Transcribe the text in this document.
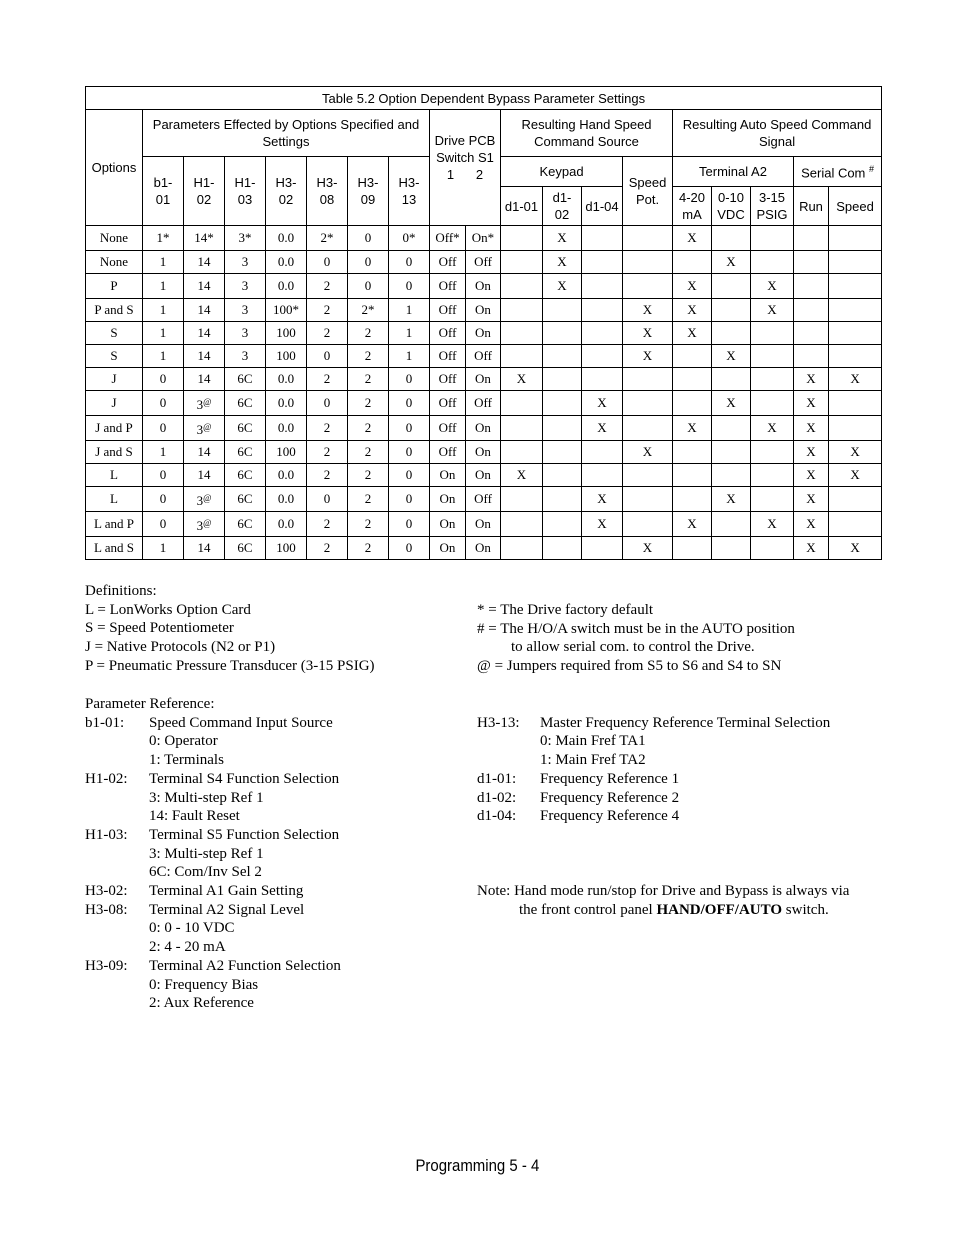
Table 5.2 Option Dependent Bypass Parameter Settings																		
Options	Parameters Effected by Options Specified and Settings							Drive PCB Switch S1
1 2		Resulting Hand Speed Command Source				Resulting Auto Speed Command Signal				
	b1-01	H1-02	H1-03	H3-02	H3-08	H3-09	H3-13			Keypad			Speed Pot.	Terminal A2			Serial Com #
										d1-01	d1-02	d1-04		4-20 mA	0-10 VDC	3-15 PSIG	Run	Speed
None	1*	14*	3*	0.0	2*	0	0*	Off*	On*		X			X				
None	1	14	3	0.0	0	0	0	Off	Off		X				X			
P	1	14	3	0.0	2	0	0	Off	On		X			X		X		
P and S	1	14	3	100*	2	2*	1	Off	On				X	X		X		
S	1	14	3	100	2	2	1	Off	On				X	X				
S	1	14	3	100	0	2	1	Off	Off				X		X			
J	0	14	6C	0.0	2	2	0	Off	On	X							X	X
J	0	3@	6C	0.0	0	2	0	Off	Off			X			X		X	
J and P	0	3@	6C	0.0	2	2	0	Off	On			X		X		X	X	
J and S	1	14	6C	100	2	2	0	Off	On				X				X	X
L	0	14	6C	0.0	2	2	0	On	On	X							X	X
L	0	3@	6C	0.0	0	2	0	On	Off			X			X		X	
L and P	0	3@	6C	0.0	2	2	0	On	On			X		X		X	X	
L and S	1	14	6C	100	2	2	0	On	On				X				X	X
Definitions:
L = LonWorks Option Card
S = Speed Potentiometer
J = Native Protocols (N2 or P1)
P = Pneumatic Pressure Transducer (3-15 PSIG)
* = The Drive factory default
# = The H/O/A switch must be in the AUTO position
to allow serial com. to control the Drive.
@ = Jumpers required from S5 to S6 and S4 to SN
Parameter Reference:
b1-01:	Speed Command Input Source
0: Operator
1: Terminals
H1-02:	Terminal S4 Function Selection
3: Multi-step Ref 1
14: Fault Reset
H1-03:	Terminal S5 Function Selection
3: Multi-step Ref 1
6C: Com/Inv Sel 2
H3-02:	Terminal A1 Gain Setting
H3-08:	Terminal A2 Signal Level
0: 0 - 10 VDC
2: 4 - 20 mA
H3-09:	Terminal A2 Function Selection
0: Frequency Bias
2: Aux Reference
H3-13:	Master Frequency Reference Terminal Selection
0: Main Fref TA1
1: Main Fref TA2
d1-01:	Frequency Reference 1
d1-02:	Frequency Reference 2
d1-04:	Frequency Reference 4
Note: Hand mode run/stop for Drive and Bypass is always via
the front control panel HAND/OFF/AUTO switch.
Programming 5 - 4
